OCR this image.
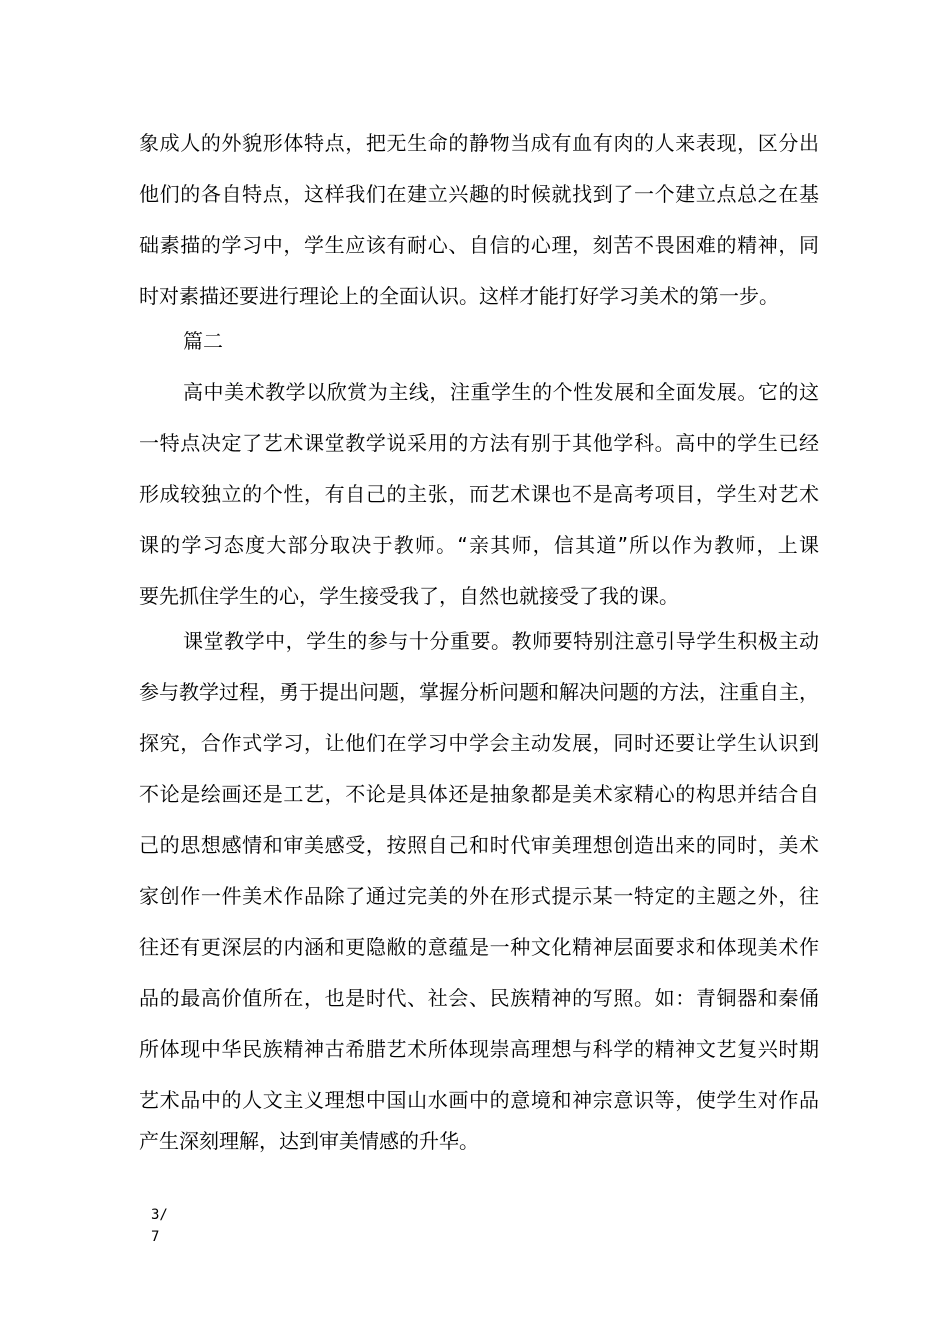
象成人的外貌形体特点，把无生命的静物当成有血有肉的人来表现，区分出
他们的各自特点，这样我们在建立兴趣的时候就找到了一个建立点总之在基
础素描的学习中，学生应该有耐心、自信的心理，刻苦不畏困难的精神，同
时对素描还要进行理论上的全面认识。这样才能打好学习美术的第一步。
篇二
高中美术教学以欣赏为主线，注重学生的个性发展和全面发展。它的这
一特点决定了艺术课堂教学说采用的方法有别于其他学科。高中的学生已经
形成较独立的个性，有自己的主张，而艺术课也不是高考项目，学生对艺术
课的学习态度大部分取决于教师。“亲其师，信其道”所以作为教师，上课
要先抓住学生的心，学生接受我了，自然也就接受了我的课。
课堂教学中，学生的参与十分重要。教师要特别注意引导学生积极主动
参与教学过程，勇于提出问题，掌握分析问题和解决问题的方法，注重自主，
探究，合作式学习，让他们在学习中学会主动发展，同时还要让学生认识到
不论是绘画还是工艺，不论是具体还是抽象都是美术家精心的构思并结合自
己的思想感情和审美感受，按照自己和时代审美理想创造出来的同时，美术
家创作一件美术作品除了通过完美的外在形式提示某一特定的主题之外，往
往还有更深层的内涵和更隐敝的意蕴是一种文化精神层面要求和体现美术作
品的最高价值所在，也是时代、社会、民族精神的写照。如：青铜器和秦俑
所体现中华民族精神古希腊艺术所体现崇高理想与科学的精神文艺复兴时期
艺术品中的人文主义理想中国山水画中的意境和神宗意识等，使学生对作品
产生深刻理解，达到审美情感的升华。
3/
7
